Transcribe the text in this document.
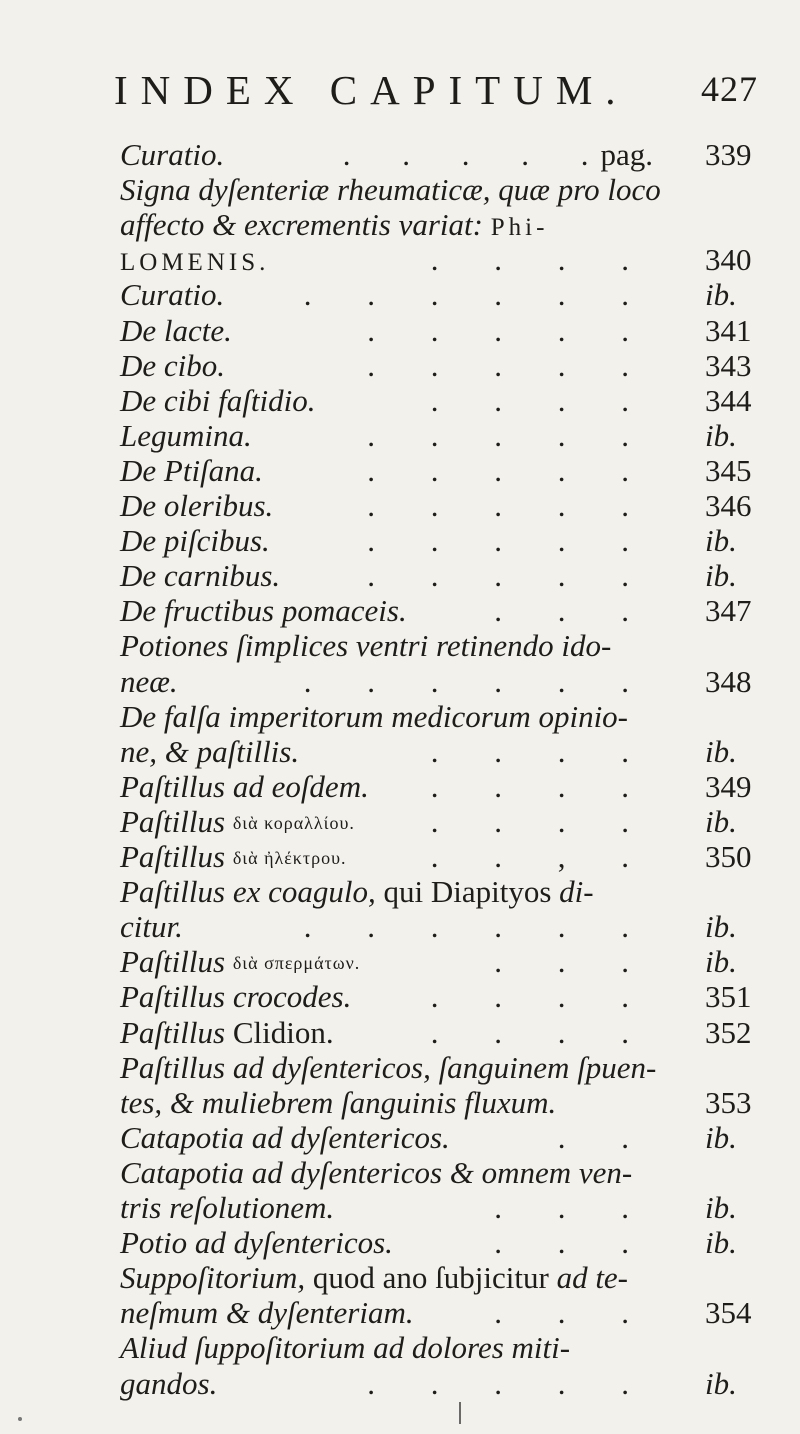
INDEX CAPITUM. 427
Curatio.	. . . . .pag. 339
Signa dyſenteriæ rheumaticæ, quæ pro loco
affecto & excrementis variat: Phi-
LOMENIS.	. . . . 340
Curatio.	. . . . . . ib.
De lacte.	. . . . . 341
De cibo.	. . . . . 343
De cibi faſtidio.	. . . . 344
Legumina.	. . . . . ib.
De Ptiſana.	. . . . . 345
De oleribus.	. . . . . 346
De piſcibus.	. . . . . ib.
De carnibus.	. . . . . ib.
De fructibus pomaceis.	. . . 347
Potiones ſimplices ventri retinendo ido-
neæ.	. . . . . . 348
De falſa imperitorum medicorum opinio-
ne, & paſtillis.	. . . . ib.
Paſtillus ad eoſdem. . . . . 349
Paſtillus διὰ κοραλλίου. . . . . ib.
Paſtillus διὰ ἠλέκτρου.	. . , . 350
Paſtillus ex coagulo, qui Diapityos di-
citur.	. . . . . . ib.
Paſtillus διὰ σπερμάτων.	. . . ib.
Paſtillus crocodes.	. . . . 351
Paſtillus Clidion.	. . . . 352
Paſtillus ad dyſentericos, ſanguinem ſpuen-
tes, & muliebrem ſanguinis fluxum.	353
Catapotia ad dyſentericos.	. . ib.
Catapotia ad dyſentericos & omnem ven-
tris reſolutionem.	. . . ib.
Potio ad dyſentericos.	. . . ib.
Suppoſitorium, quod ano ſubjicitur ad te-
neſmum & dyſenteriam.	. . . 354
Aliud ſuppoſitorium ad dolores miti-
gandos.	. . . . . ib.
